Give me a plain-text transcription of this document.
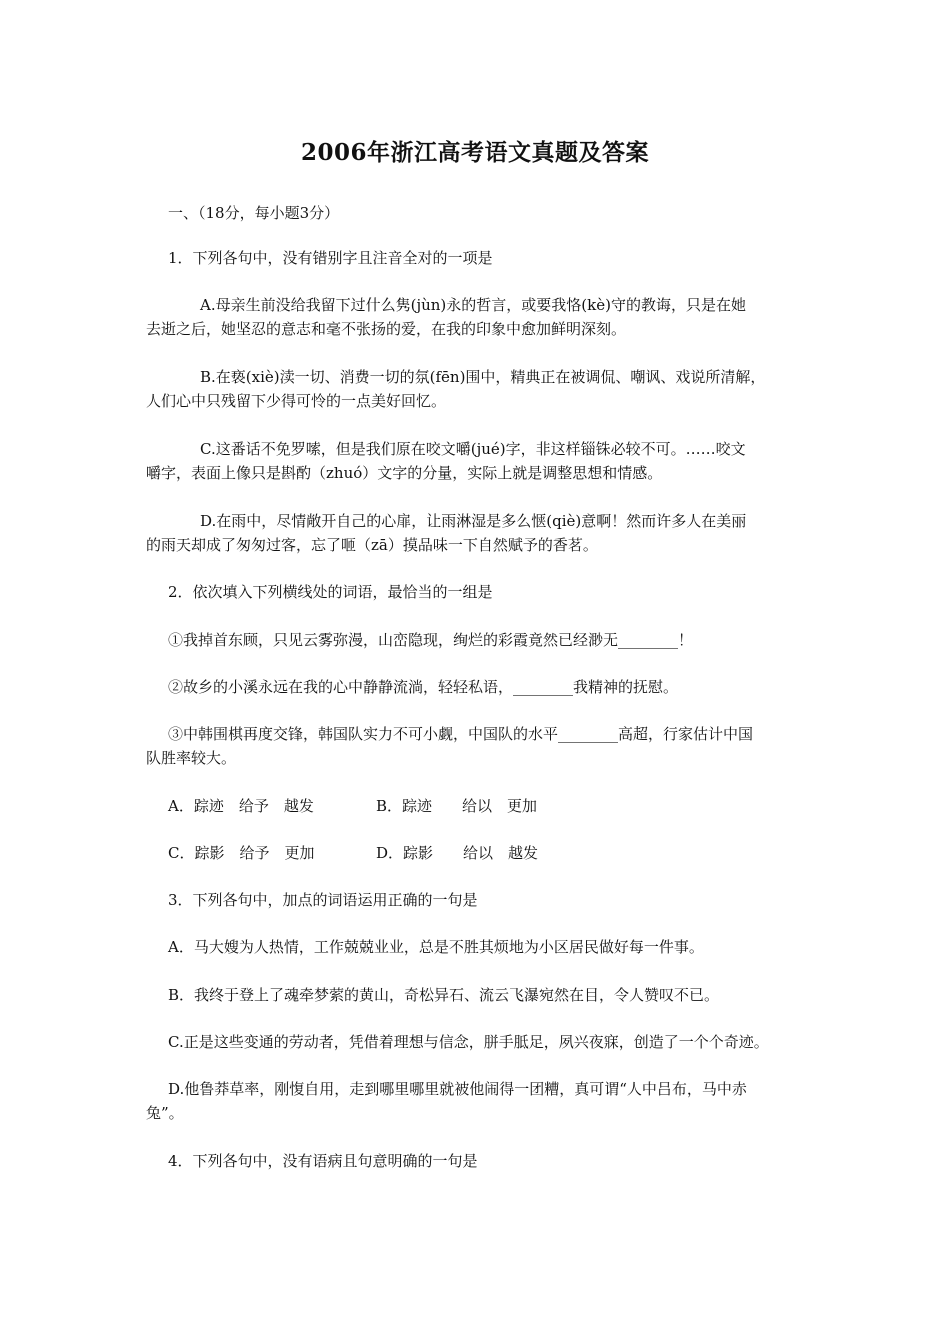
2006年浙江高考语文真题及答案

一、（18分，每小题3分）

1．下列各句中，没有错别字且注音全对的一项是

A.母亲生前没给我留下过什么隽(jùn)永的哲言，或要我恪(kè)守的教诲，只是在她

去逝之后，她坚忍的意志和毫不张扬的爱，在我的印象中愈加鲜明深刻。

B.在亵(xiè)渎一切、消费一切的氛(fēn)围中，精典正在被调侃、嘲讽、戏说所清解，

人们心中只残留下少得可怜的一点美好回忆。

C.这番话不免罗嗦，但是我们原在咬文嚼(jué)字，非这样锱铢必较不可。……咬文

嚼字，表面上像只是斟酌（zhuó）文字的分量，实际上就是调整思想和情感。

D.在雨中，尽情敞开自己的心扉，让雨淋湿是多么惬(qiè)意啊！然而许多人在美丽

的雨天却成了匆匆过客，忘了咂（zā）摸品味一下自然赋予的香茗。

2．依次填入下列横线处的词语，最恰当的一组是

①我掉首东顾，只见云雾弥漫，山峦隐现，绚烂的彩霞竟然已经渺无________！

②故乡的小溪永远在我的心中静静流淌，轻轻私语，________我精神的抚慰。

③中韩围棋再度交锋，韩国队实力不可小觑，中国队的水平________高超，行家估计中国

队胜率较大。

A．踪迹　给予　越发	B．踪迹　　给以　更加
C．踪影　给予　更加	D．踪影　　给以　越发

3．下列各句中，加点的词语运用正确的一句是

A．马大嫂为人热情，工作兢兢业业，总是不胜其烦地为小区居民做好每一件事。

B．我终于登上了魂牵梦萦的黄山，奇松异石、流云飞瀑宛然在目，令人赞叹不已。

C.正是这些变通的劳动者，凭借着理想与信念，胼手胝足，夙兴夜寐，创造了一个个奇迹。

D.他鲁莽草率，刚愎自用，走到哪里哪里就被他闹得一团糟，真可谓“人中吕布，马中赤

兔”。

4．下列各句中，没有语病且句意明确的一句是
